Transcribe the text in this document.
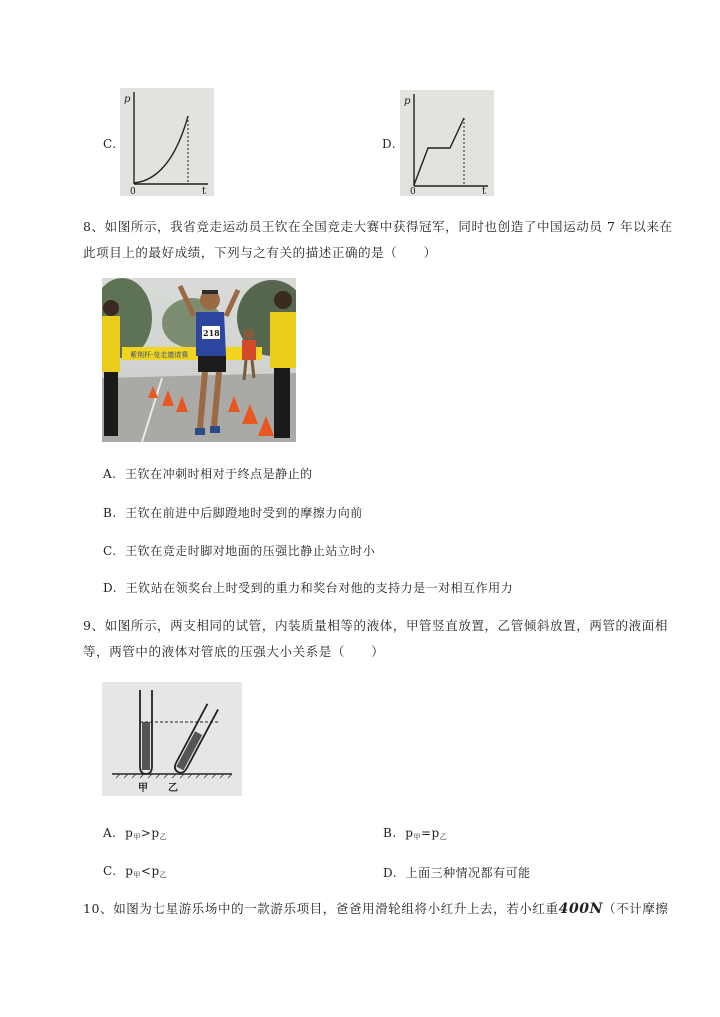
C.
p
t
0
D.
p
t
0
8、如图所示，我省竞走运动员王钦在全国竞走大赛中获得冠军，同时也创造了中国运动员 7 年以来在
此项目上的最好成绩，下列与之有关的描述正确的是（　　）
紫荆杯·竞走邀请赛
218
A. 王钦在冲刺时相对于终点是静止的
B. 王钦在前进中后脚蹬地时受到的摩擦力向前
C. 王钦在竞走时脚对地面的压强比静止站立时小
D. 王钦站在领奖台上时受到的重力和奖台对他的支持力是一对相互作用力
9、如图所示，两支相同的试管，内装质量相等的液体，甲管竖直放置，乙管倾斜放置，两管的液面相
等，两管中的液体对管底的压强大小关系是（　　）
甲 乙
A. $p_甲>p_乙$	B. $p_甲=p_乙$
C. $p_甲<p_乙$	D. 上面三种情况都有可能
10、如图为七星游乐场中的一款游乐项目，爸爸用滑轮组将小红升上去，若小红重400N（不计摩擦
